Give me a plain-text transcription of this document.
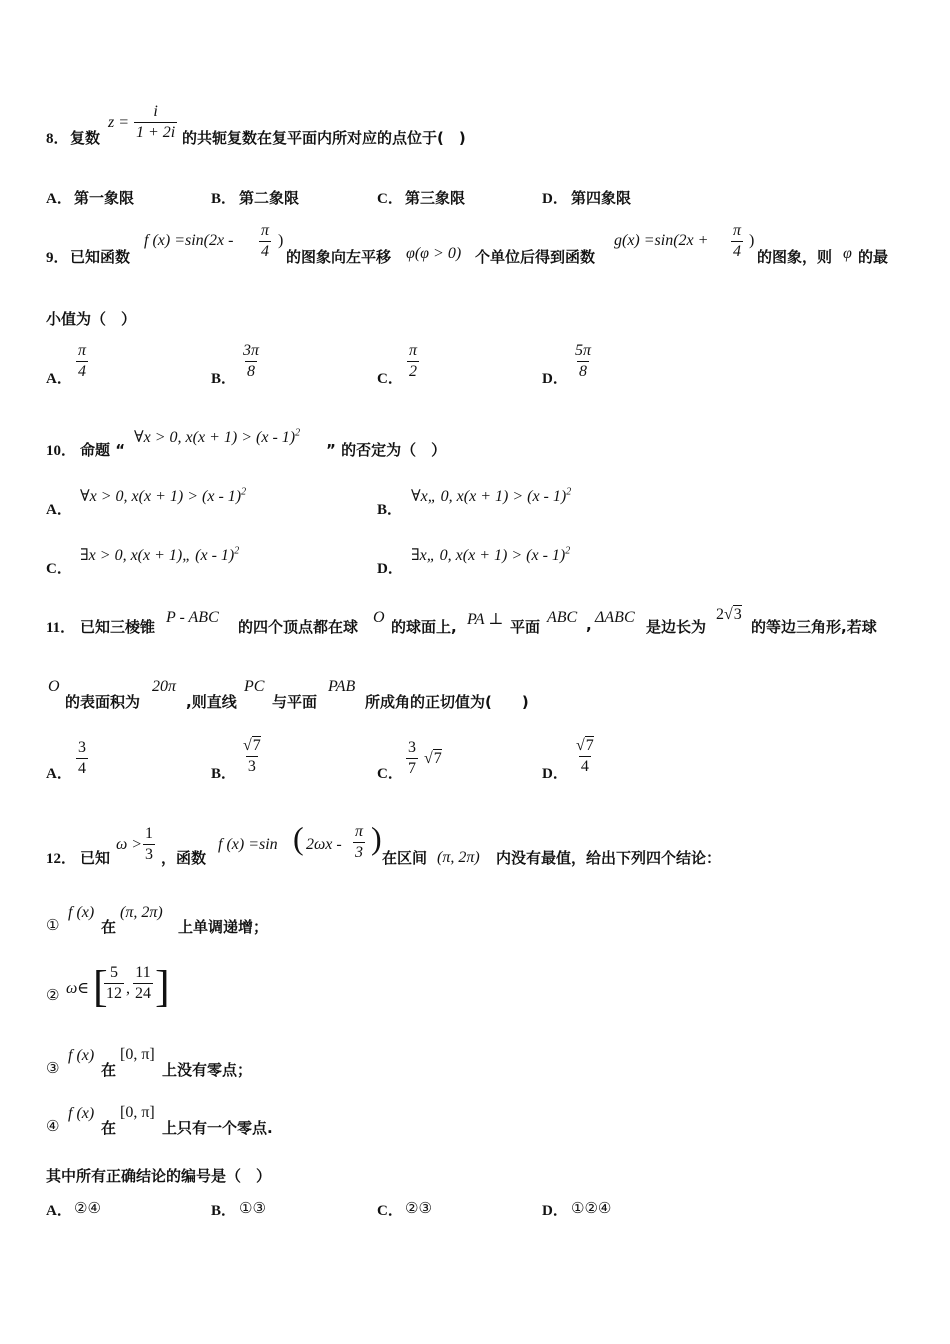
8． 复数
$z = \frac{i}{1 + 2i}$ 的共轭复数在复平面内所对应的点位于(　)
A． 第一象限	B． 第二象限	C． 第三象限	D． 第四象限
9． 已知函数
f $(x) =\sin(2x - \frac{\pi}{4}$ )
的图象向左平移 φ(φ > 0) 个单位后得到函数
$g(x) =\sin(2x + \frac{\pi}{4}$ )
的图象，则 φ 的最
小值为（　）
A． $\frac{\pi}{4}$	B． $\frac{3\pi}{8}$	C． $\frac{\pi}{2}$	D． $\frac{5\pi}{8}$
10． 命题 “
∀x > 0, x(x + 1) > (x - 1)$^2$
” 的否定为（　）
A．
∀x > 0, x(x + 1) > (x - 1)$^2$
B．
∀x„ 0, x(x + 1) > (x - 1)$^2$
C．
∃x > 0, x(x + 1)„ (x - 1)$^2$
D．
∃x„ 0, x(x + 1) > (x - 1)$^2$
11． 已知三棱锥
P - ABC
的四个顶点都在球
O
的球面上, PA ⊥ 平面
ABC , ΔABC
是边长为
2√3
的等边三角形,若球
O
的表面积为
20π
,则直线
PC
与平面
PAB
所成角的正切值为(　　)
A． $\frac{3}{4}$	B． $\frac{√7}{3}$	C． $\frac{3}{7} √7$
D． $\frac{√7}{4}$
12． 已知
$\omega > \frac{1}{3}$ ，函数
f (x) =sin ( $2\omega x - \frac{\pi}{3}$ )
在区间 (π, 2π) 内没有最值，给出下列四个结论：
①
f (x)
在
(π, 2π)
上单调递增；
② ω∈ [
$\frac{5}{12}$ , $\frac{11}{24}$ ]
③
f (x)
在
[0, π]
上没有零点；
④
f (x)
在
[0, π]
上只有一个零点.
其中所有正确结论的编号是（　）
A． ②④	B． ①③	C． ②③	D． ①②④
